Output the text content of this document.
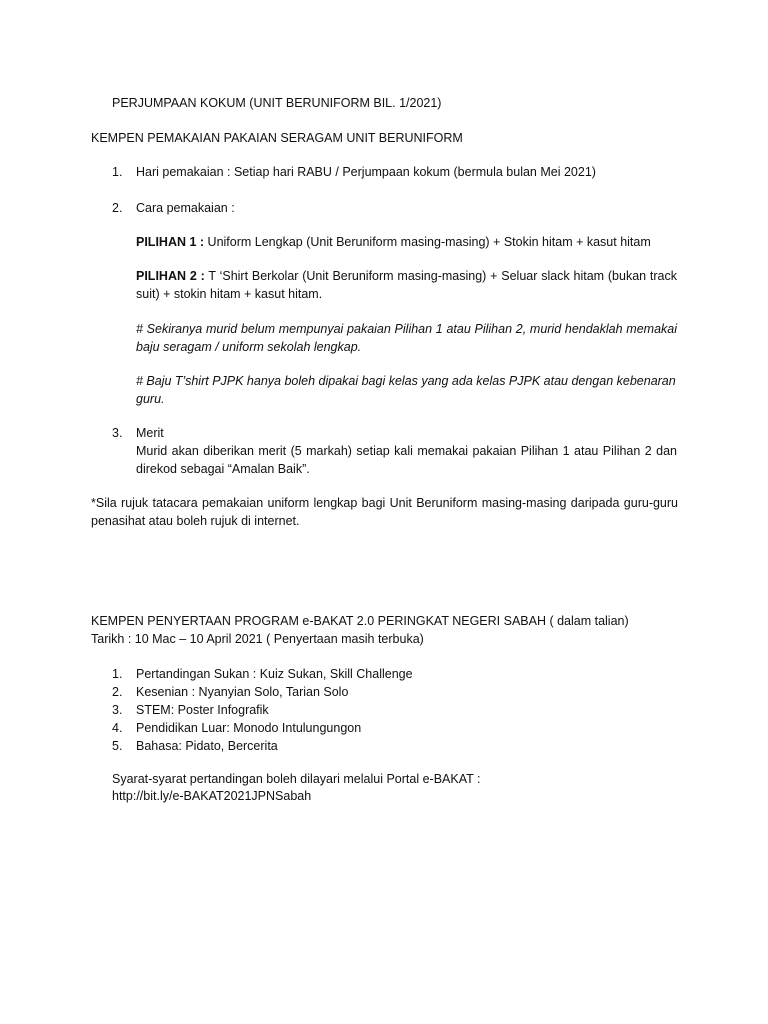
PERJUMPAAN KOKUM (UNIT BERUNIFORM BIL. 1/2021)
KEMPEN PEMAKAIAN PAKAIAN SERAGAM UNIT BERUNIFORM
1. Hari pemakaian : Setiap hari RABU / Perjumpaan kokum (bermula bulan Mei 2021)
2. Cara pemakaian :
PILIHAN 1 : Uniform Lengkap (Unit Beruniform masing-masing) + Stokin hitam + kasut hitam
PILIHAN 2 : T ‘Shirt Berkolar (Unit Beruniform masing-masing) + Seluar slack hitam (bukan track suit) + stokin hitam + kasut hitam.
# Sekiranya murid belum mempunyai pakaian Pilihan 1 atau Pilihan 2, murid hendaklah memakai baju seragam / uniform sekolah lengkap.
# Baju T’shirt PJPK hanya boleh dipakai bagi kelas yang ada kelas PJPK atau dengan kebenaran guru.
3. Merit
Murid akan diberikan merit (5 markah) setiap kali memakai pakaian Pilihan 1 atau Pilihan 2 dan direkod sebagai “Amalan Baik”.
*Sila rujuk tatacara pemakaian uniform lengkap bagi Unit Beruniform masing-masing daripada guru-guru penasihat atau boleh rujuk di internet.
KEMPEN PENYERTAAN PROGRAM e-BAKAT 2.0 PERINGKAT NEGERI SABAH ( dalam talian)
Tarikh : 10 Mac – 10 April 2021 ( Penyertaan masih terbuka)
1. Pertandingan Sukan : Kuiz Sukan, Skill Challenge
2. Kesenian : Nyanyian Solo, Tarian Solo
3. STEM: Poster Infografik
4. Pendidikan Luar: Monodo Intulungungon
5. Bahasa: Pidato, Bercerita
Syarat-syarat pertandingan boleh dilayari melalui Portal e-BAKAT :
http://bit.ly/e-BAKAT2021JPNSabah
